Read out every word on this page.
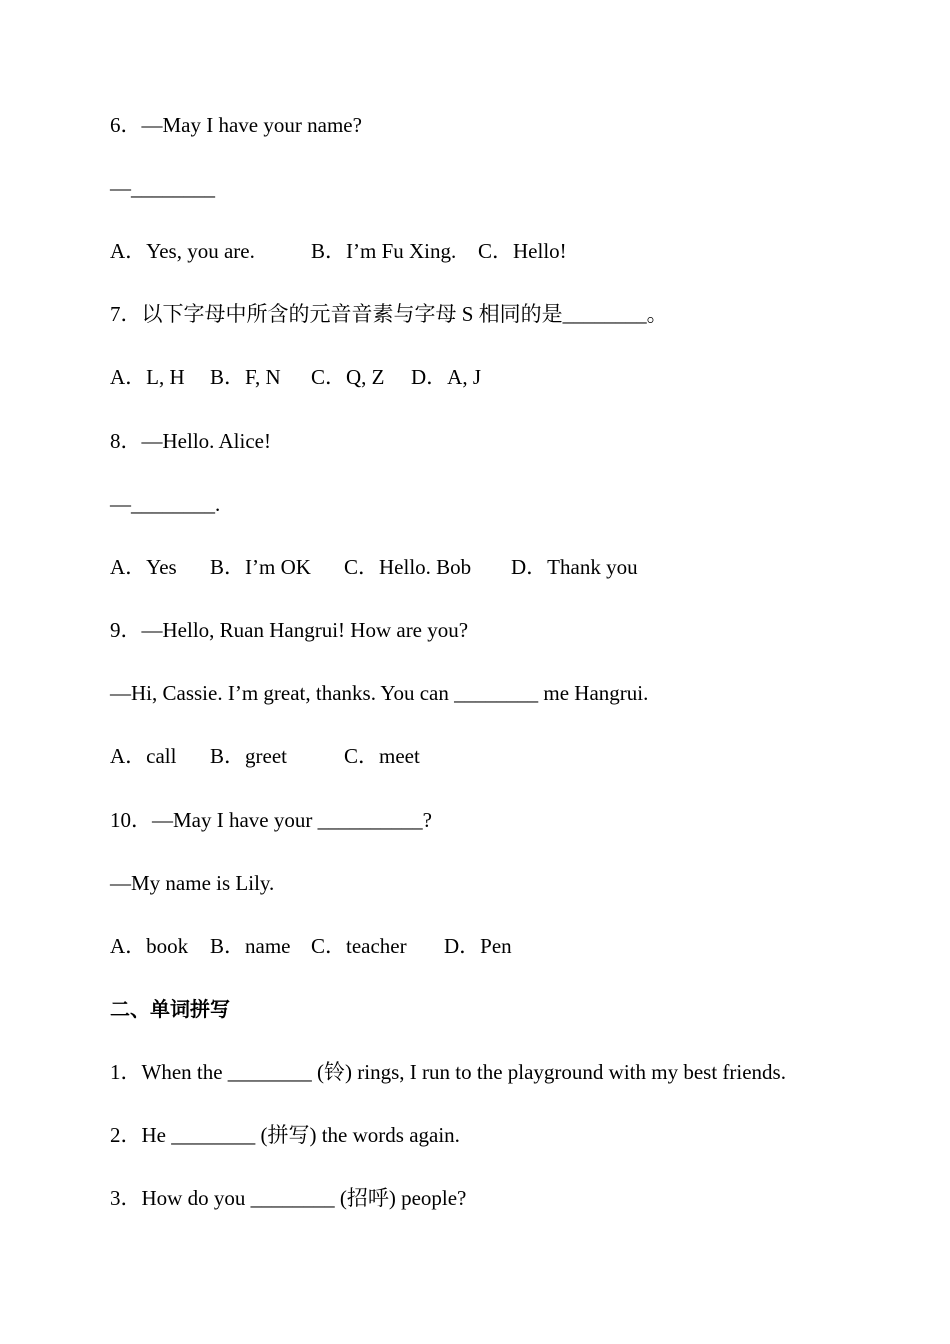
6．—May I have your name?
—________
A．Yes, you are.	B．I’m Fu Xing. C．Hello!
7．以下字母中所含的元音音素与字母 S 相同的是________。
A．L, H B．F, N C．Q, Z D．A, J
8．—Hello. Alice!
—________.
A．Yes B．I’m OK C．Hello. Bob D．Thank you
9．—Hello, Ruan Hangrui! How are you?
—Hi, Cassie. I’m great, thanks. You can ________ me Hangrui.
A．call B．greet	C．meet
10．—May I have your __________?
—My name is Lily.
A．book B．name C．teacher D．Pen
二、单词拼写
1．When the ________ (铃) rings, I run to the playground with my best friends.
2．He ________ (拼写) the words again.
3．How do you ________ (招呼) people?
